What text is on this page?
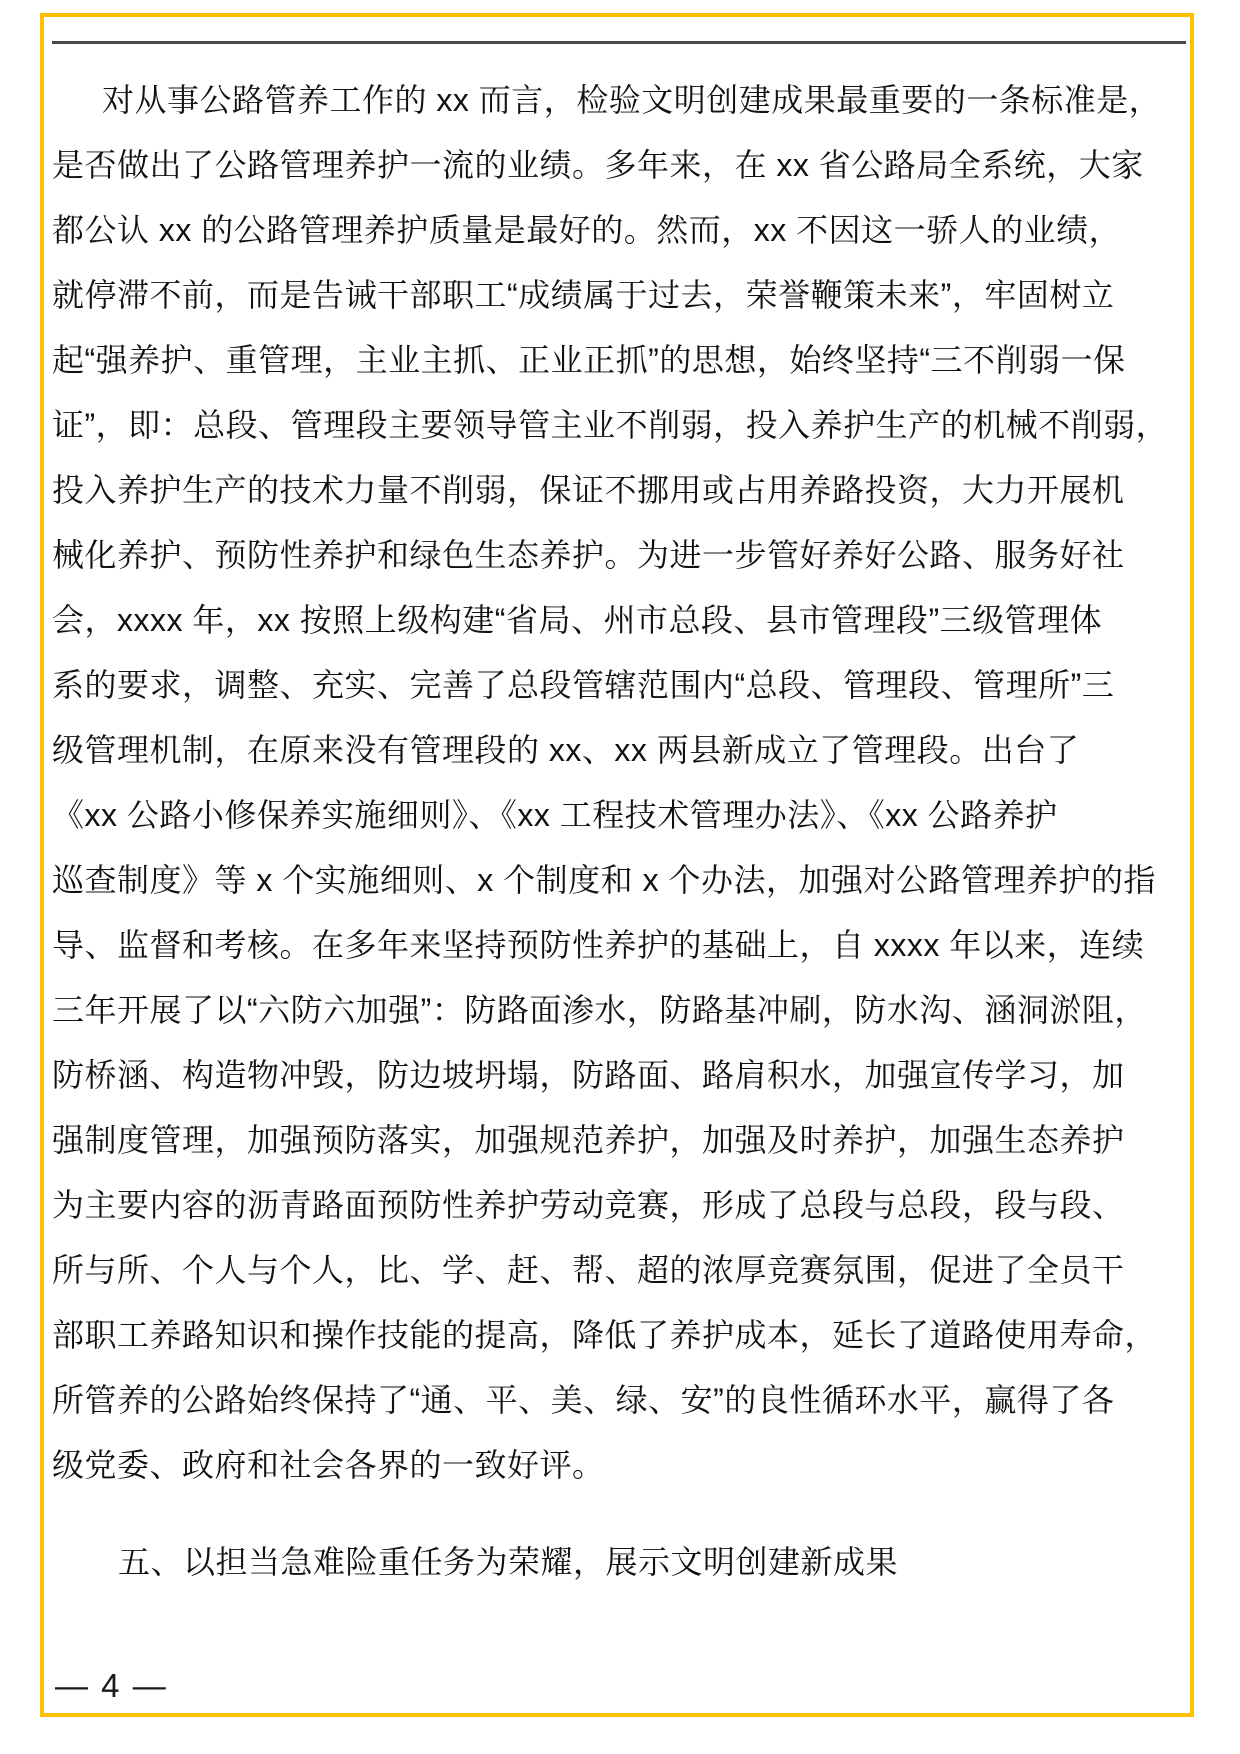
对从事公路管养工作的 xx 而言，检验文明创建成果最重要的一条标准是，
是否做出了公路管理养护一流的业绩。多年来，在 xx 省公路局全系统，大家
都公认 xx 的公路管理养护质量是最好的。然而，xx 不因这一骄人的业绩，
就停滞不前，而是告诫干部职工“成绩属于过去，荣誉鞭策未来”，牢固树立
起“强养护、重管理，主业主抓、正业正抓”的思想，始终坚持“三不削弱一保
证”，即：总段、管理段主要领导管主业不削弱，投入养护生产的机械不削弱，
投入养护生产的技术力量不削弱，保证不挪用或占用养路投资，大力开展机
械化养护、预防性养护和绿色生态养护。为进一步管好养好公路、服务好社
会，xxxx 年，xx 按照上级构建“省局、州市总段、县市管理段”三级管理体
系的要求，调整、充实、完善了总段管辖范围内“总段、管理段、管理所”三
级管理机制，在原来没有管理段的 xx、xx 两县新成立了管理段。出台了
《xx 公路小修保养实施细则》、《xx 工程技术管理办法》、《xx 公路养护
巡查制度》等 x 个实施细则、x 个制度和 x 个办法，加强对公路管理养护的指
导、监督和考核。在多年来坚持预防性养护的基础上，自 xxxx 年以来，连续
三年开展了以“六防六加强”：防路面渗水，防路基冲刷，防水沟、涵洞淤阻，
防桥涵、构造物冲毁，防边坡坍塌，防路面、路肩积水，加强宣传学习，加
强制度管理，加强预防落实，加强规范养护，加强及时养护，加强生态养护
为主要内容的沥青路面预防性养护劳动竞赛，形成了总段与总段，段与段、
所与所、个人与个人，比、学、赶、帮、超的浓厚竞赛氛围，促进了全员干
部职工养路知识和操作技能的提高，降低了养护成本，延长了道路使用寿命，
所管养的公路始终保持了“通、平、美、绿、安”的良性循环水平，赢得了各
级党委、政府和社会各界的一致好评。
五、以担当急难险重任务为荣耀，展示文明创建新成果
— 4 —
